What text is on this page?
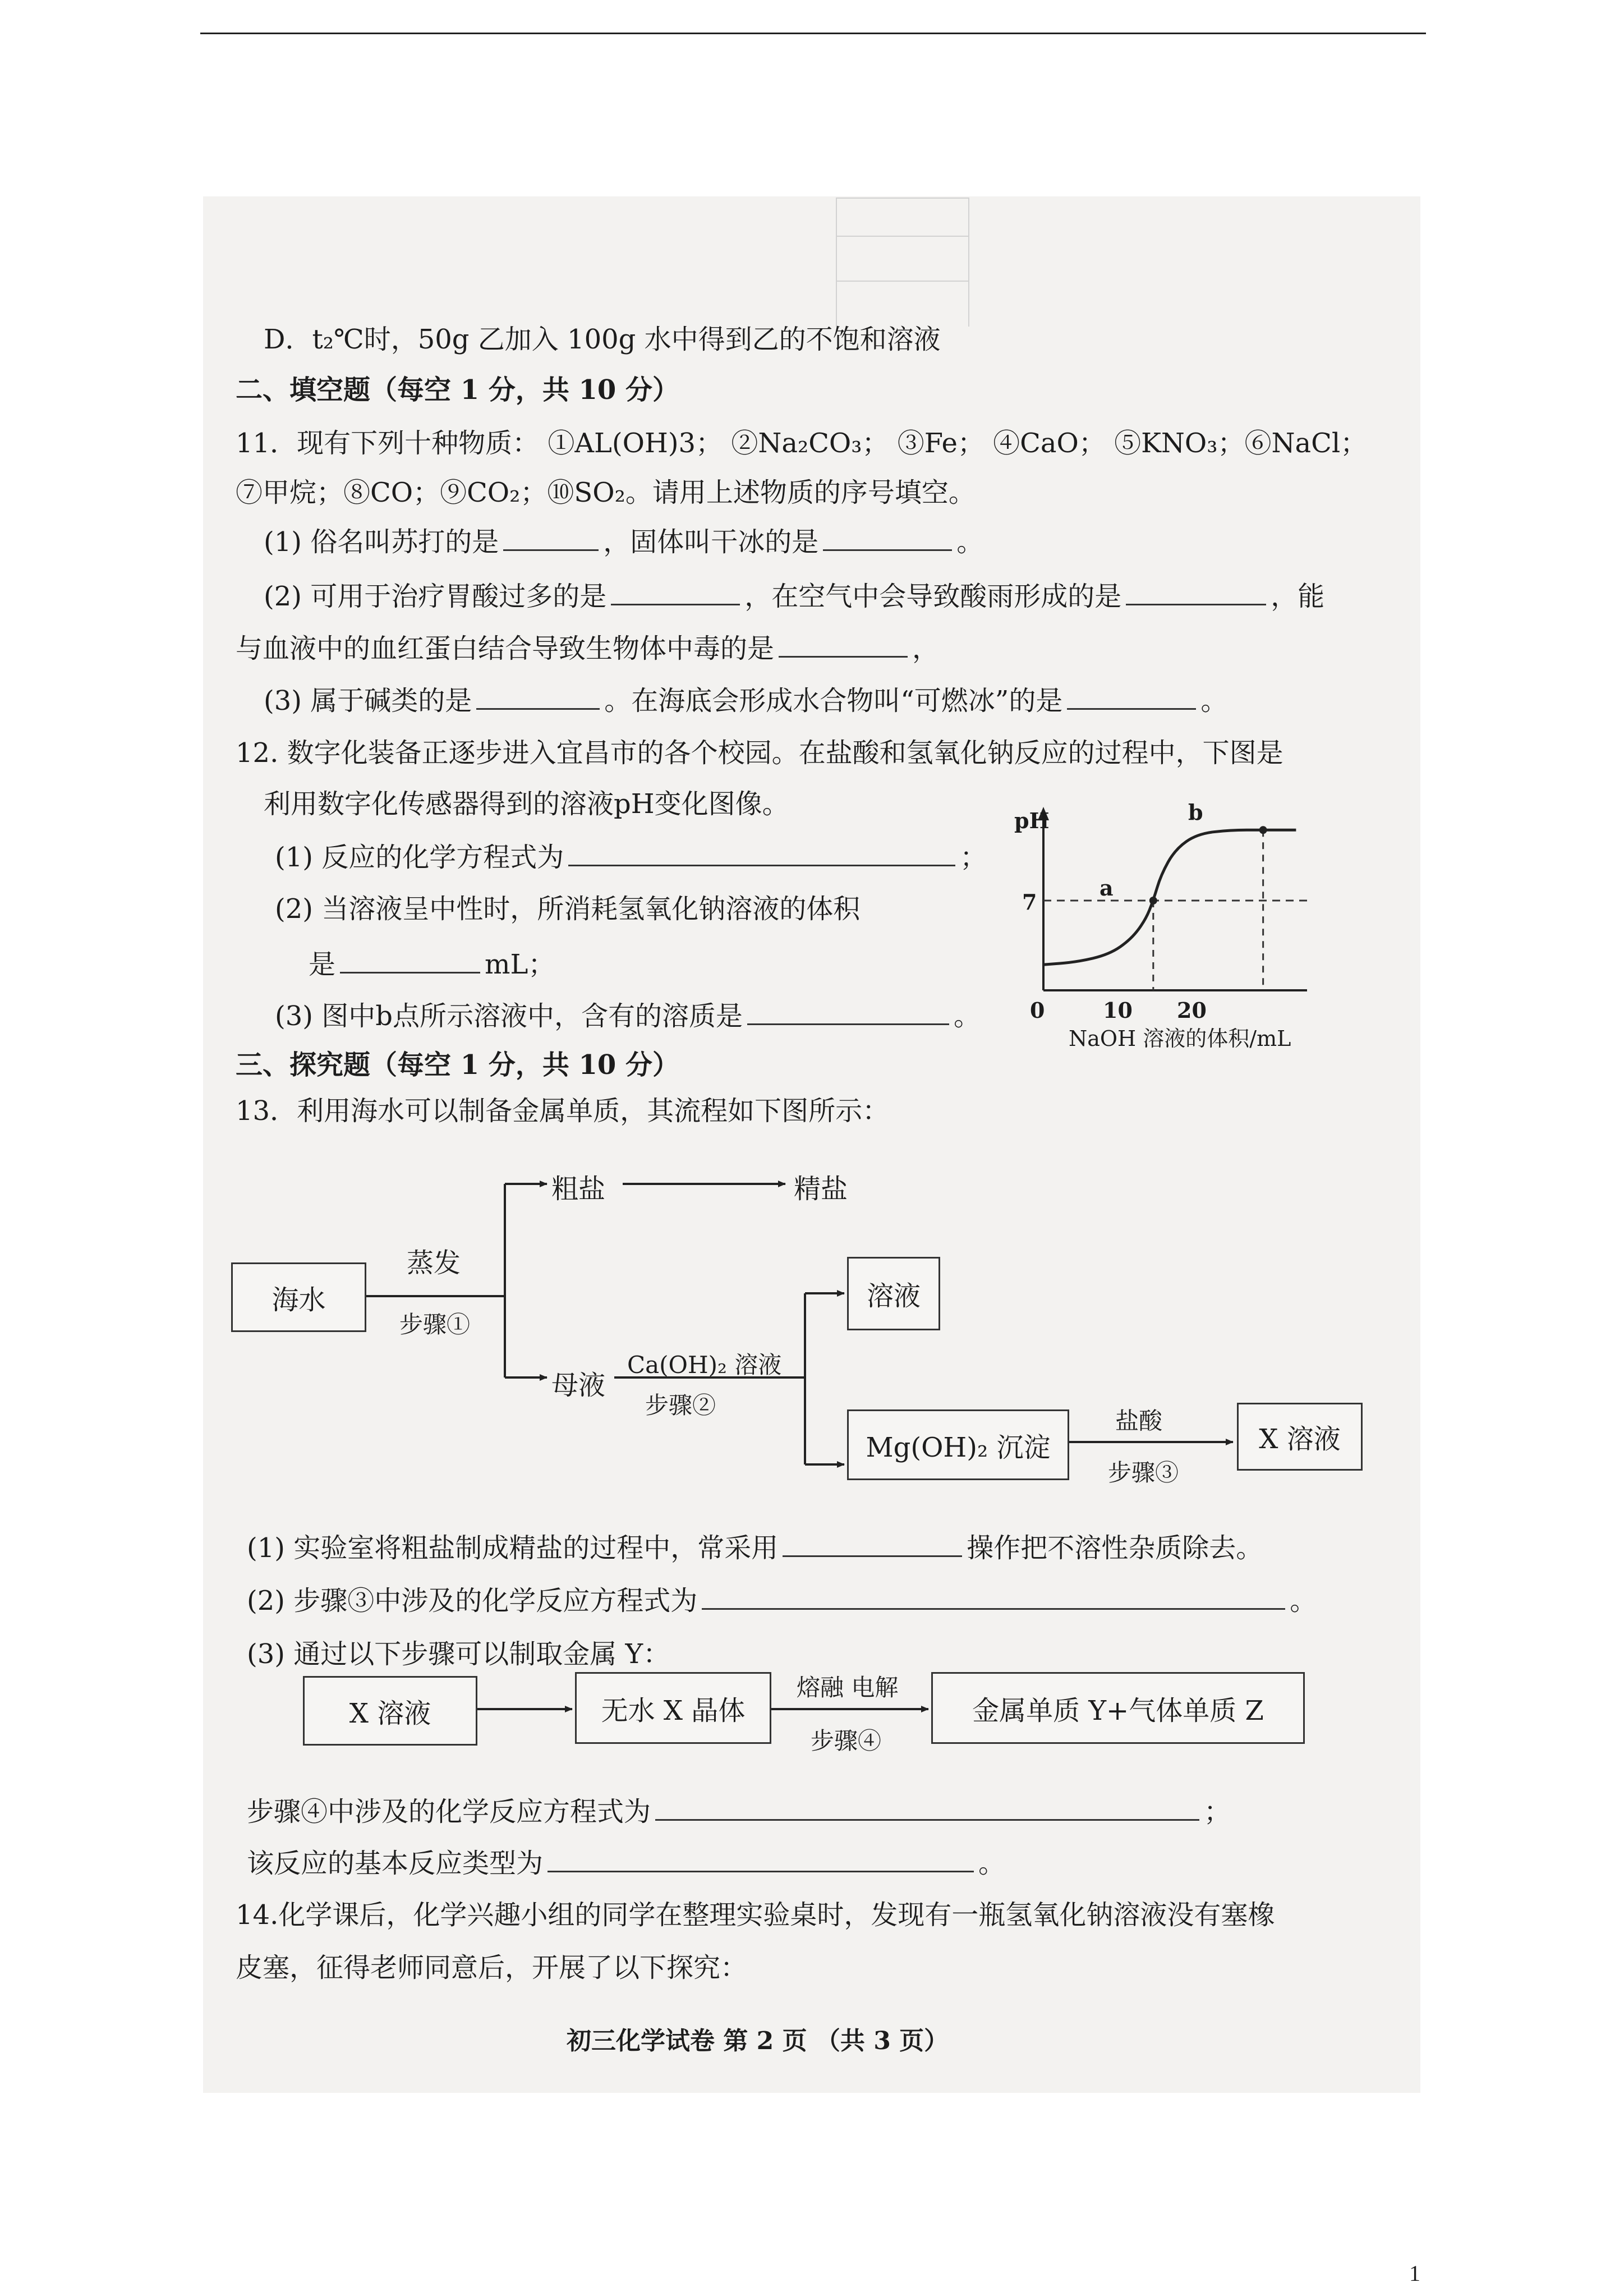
D．t₂℃时，50g 乙加入 100g 水中得到乙的不饱和溶液
二、填空题（每空 1 分，共 10 分）
11．现有下列十种物质： ①AL(OH)3； ②Na₂CO₃； ③Fe； ④CaO； ⑤KNO₃；⑥NaCl；
⑦甲烷；⑧CO；⑨CO₂；⑩SO₂。请用上述物质的序号填空。
(1) 俗名叫苏打的是	，固体叫干冰的是	。
(2) 可用于治疗胃酸过多的是	，在空气中会导致酸雨形成的是	，能
与血液中的血红蛋白结合导致生物体中毒的是	，
(3) 属于碱类的是	。在海底会形成水合物叫“可燃冰”的是	。
12. 数字化装备正逐步进入宜昌市的各个校园。在盐酸和氢氧化钠反应的过程中，下图是
利用数字化传感器得到的溶液pH变化图像。
(1) 反应的化学方程式为	；
(2) 当溶液呈中性时，所消耗氢氧化钠溶液的体积
是	mL；
(3) 图中b点所示溶液中，含有的溶质是	。
pH
7
0	10 20
NaOH 溶液的体积/mL
a
b
三、探究题（每空 1 分，共 10 分）
13．利用海水可以制备金属单质，其流程如下图所示：
海水
蒸发
步骤①
粗盐	精盐
母液
Ca(OH)₂ 溶液
步骤②
溶液
Mg(OH)₂ 沉淀
盐酸
步骤③
X 溶液
(1) 实验室将粗盐制成精盐的过程中，常采用	操作把不溶性杂质除去。
(2) 步骤③中涉及的化学反应方程式为	。
(3) 通过以下步骤可以制取金属 Y：
X 溶液	无水 X 晶体
熔融 电解
步骤④
金属单质 Y+气体单质 Z
步骤④中涉及的化学反应方程式为	；
该反应的基本反应类型为	。
14.化学课后，化学兴趣小组的同学在整理实验桌时，发现有一瓶氢氧化钠溶液没有塞橡
皮塞，征得老师同意后，开展了以下探究：
初三化学试卷 第 2 页 （共 3 页）
1
